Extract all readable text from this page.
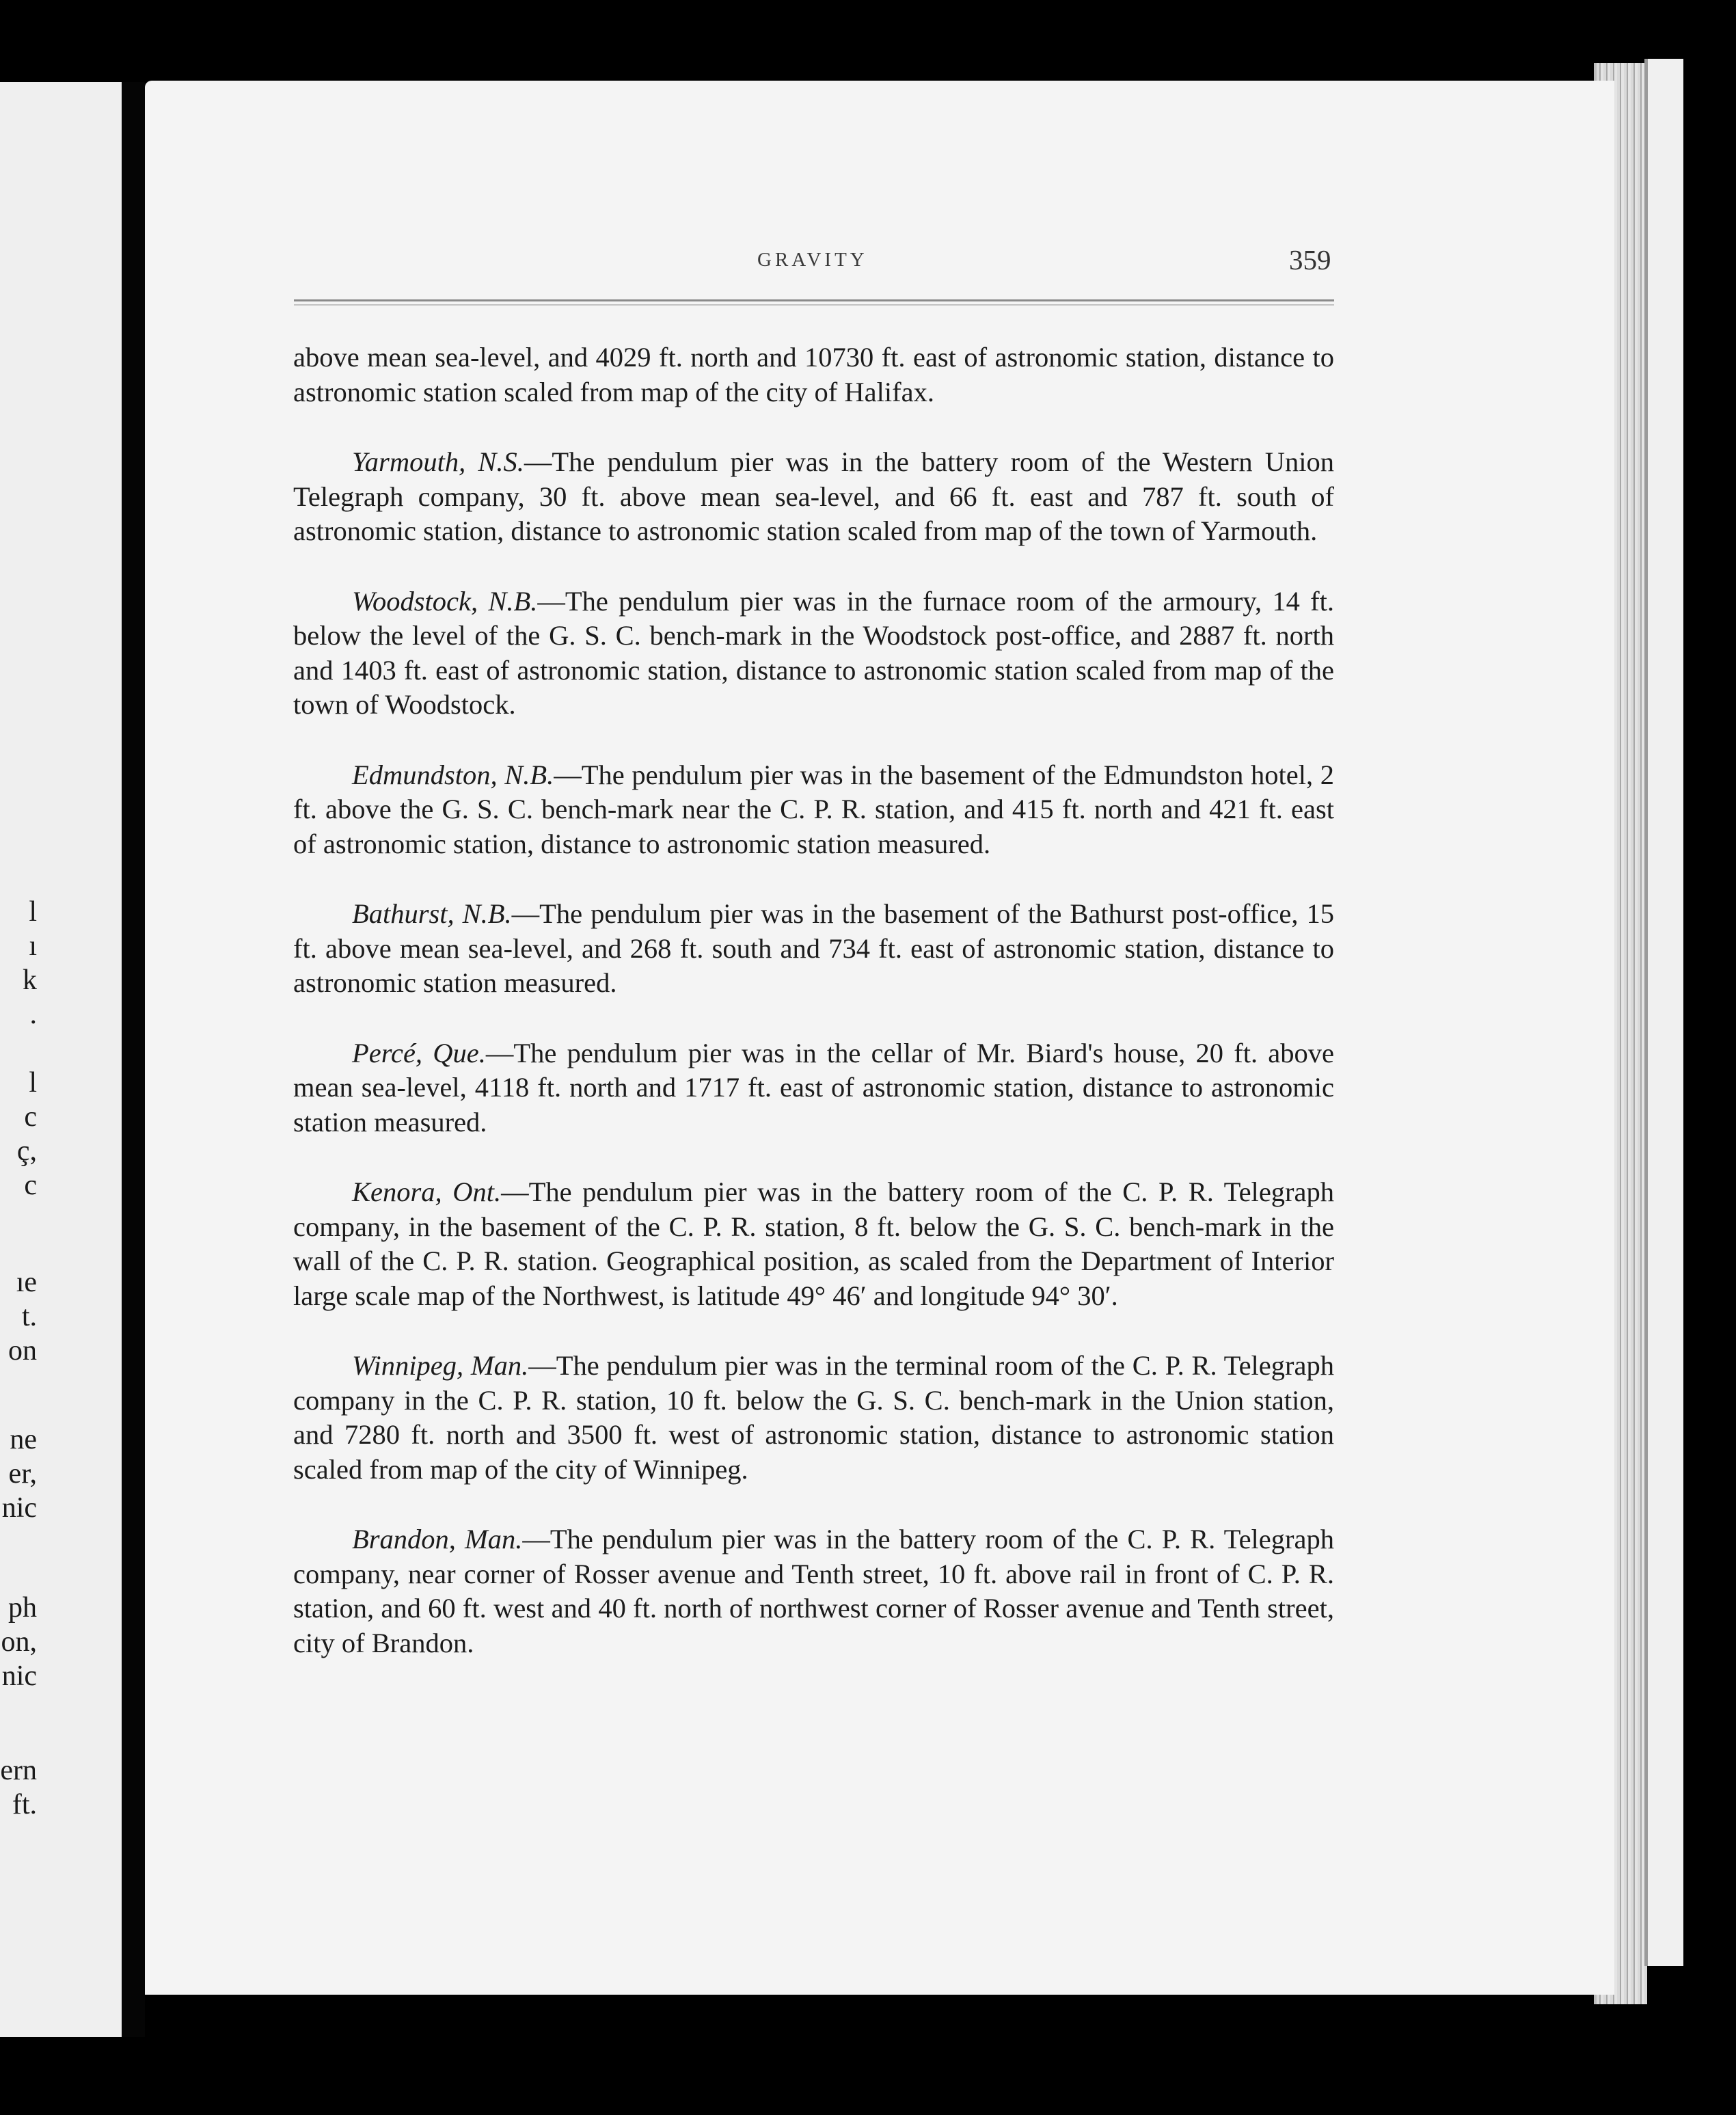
l
ı
k
.
l
c
ç,
c
ıe
t.
on
ne
er,
nic
ph
on,
nic
ern
ft.
GRAVITY	359

above mean sea-level, and 4029 ft. north and 10730 ft. east of astronomic station, distance to astronomic station scaled from map of the city of Halifax.

Yarmouth, N.S.—The pendulum pier was in the battery room of the Western Union Telegraph company, 30 ft. above mean sea-level, and 66 ft. east and 787 ft. south of astronomic station, distance to astronomic station scaled from map of the town of Yarmouth.

Woodstock, N.B.—The pendulum pier was in the furnace room of the armoury, 14 ft. below the level of the G. S. C. bench-mark in the Woodstock post-office, and 2887 ft. north and 1403 ft. east of astronomic station, distance to astronomic station scaled from map of the town of Woodstock.

Edmundston, N.B.—The pendulum pier was in the basement of the Edmundston hotel, 2 ft. above the G. S. C. bench-mark near the C. P. R. station, and 415 ft. north and 421 ft. east of astronomic station, distance to astronomic station measured.

Bathurst, N.B.—The pendulum pier was in the basement of the Bathurst post-office, 15 ft. above mean sea-level, and 268 ft. south and 734 ft. east of astronomic station, distance to astronomic station measured.

Percé, Que.—The pendulum pier was in the cellar of Mr. Biard's house, 20 ft. above mean sea-level, 4118 ft. north and 1717 ft. east of astronomic station, distance to astronomic station measured.

Kenora, Ont.—The pendulum pier was in the battery room of the C. P. R. Telegraph company, in the basement of the C. P. R. station, 8 ft. below the G. S. C. bench-mark in the wall of the C. P. R. station. Geographical position, as scaled from the Department of Interior large scale map of the Northwest, is latitude 49° 46′ and longitude 94° 30′.

Winnipeg, Man.—The pendulum pier was in the terminal room of the C. P. R. Telegraph company in the C. P. R. station, 10 ft. below the G. S. C. bench-mark in the Union station, and 7280 ft. north and 3500 ft. west of astronomic station, distance to astronomic station scaled from map of the city of Winnipeg.

Brandon, Man.—The pendulum pier was in the battery room of the C. P. R. Telegraph company, near corner of Rosser avenue and Tenth street, 10 ft. above rail in front of C. P. R. station, and 60 ft. west and 40 ft. north of northwest corner of Rosser avenue and Tenth street, city of Brandon.
